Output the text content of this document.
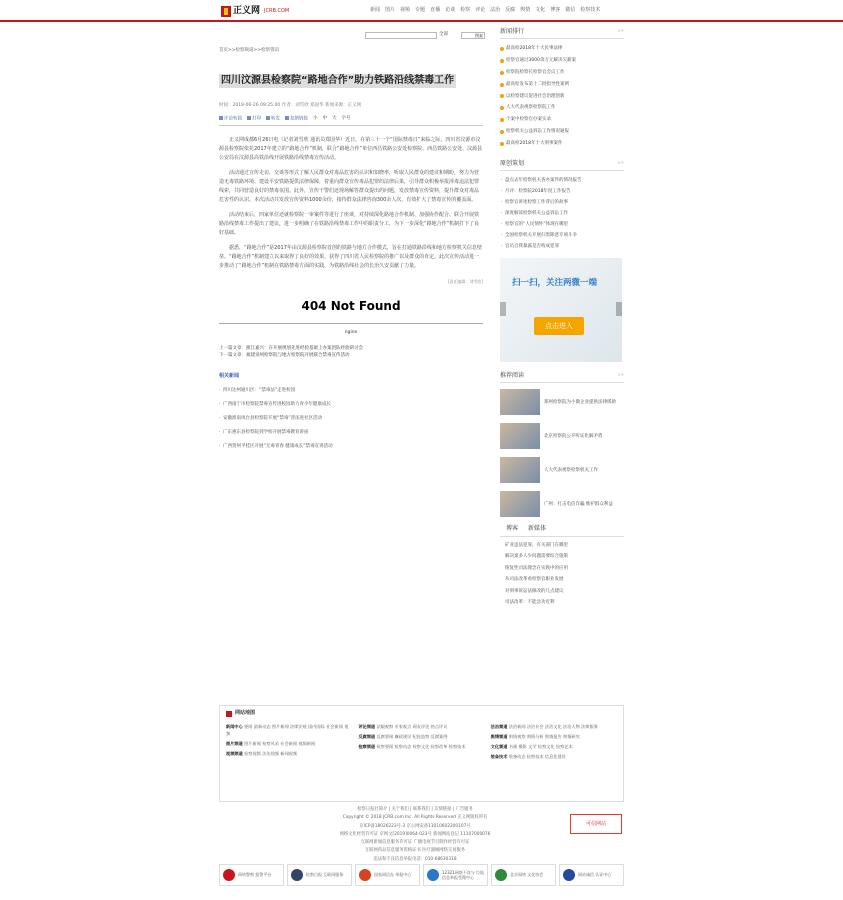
正义网 JCRB.COM	新闻 图片 视频 专题 直播 访谈 检察 评论 法治 反腐 舆情 文化 博客 微信 检察技术
全部	搜索
首页>>检察频道>>检察资讯
四川汶源县检察院“路地合作”助力铁路沿线禁毒工作
时间：2018-06-26 09:25:00 作者：刘雪欣 郑国华 新闻来源：正义网
评论转载	打印	转发	复制链接 小 中 大 字号

正义网成都6月26日电（记者刘雪欣 通讯员郑国华）近日，在第三十一个“国际禁毒日”来临之际，四川省汶源市汶源县检察院依托2017年建立的“路地合作”机制，联合“路地合作”单位西昌铁路公安处检察院、西昌铁路公安处、汶源县公安局在汶源县高铁沿线开展铁路沿线禁毒宣传活动。

活动通过宣传走访、交谈等形式了解人民群众对毒品危害的认识和知晓率，听取人民群众的建议和期盼，努力为营造无毒铁路环境、建设平安铁路提供法律保障，着重向群众宣传毒品犯罪的法律后果，引导群众积极举报涉毒违法犯罪线索，共同营造良好的禁毒氛围。此外，宣传干警们还现场解答群众提出的问题，发放禁毒宣传资料，提升群众对毒品危害性的认识。本次活动共发放宣传资料1000余份，接待群众法律咨询300余人次，有效扩大了禁毒宣传的覆盖面。

活动结束后，四家单位还就检察院一审案件等进行了座谈，对持续深化路地合作机制、加强协作配合、联合开展铁路沿线禁毒工作提出了建议，进一步明确了在铁路沿线禁毒工作中的职责分工，为下一步深化“路地合作”机制打下了良好基础。

据悉，“路地合作”是2017年由汶源县检察院首创的铁路与地方合作模式，旨在打通铁路沿线和地方检察机关信息壁垒。“路地合作”机制建立以来取得了良好的效果，获得了四川省人民检察院的推广以及群众的肯定。此次宣传活动进一步推动了“路地合作”机制在铁路禁毒方面的实践，为铁路沿线社会的长治久安贡献了力量。

[责任编辑：刘雪欣]
404 Not Found
nginx
上一篇文章：浙江嘉兴：在开展规划先进经验基础上办案团队经验研讨会
下一篇文章：福建泉州检察院与地方检察院开展联合禁毒宣传活动
相关新闻
· 四川达州通川区：“禁毒法”走进校园
· 广西南宁市检察院禁毒宣传进校园助力青少年健康成长
· 安徽淮南凤台县检察院开展“禁毒”普法进社区活动
· 广东惠东县检察院到学校开展禁毒教育讲座
· 广西贺州平桂区开展“无毒青春 健康成长”禁毒宣讲活动
新闻排行	>>
最高检2018年十大民事法律
检察官通过3000余万元解决欠薪案
检察院检察长检察官会议工作
最高检发布第十二批指导性案例
以检察建议促进社会治理创新
人大代表视察检察院工作
个案中检察官办案实录
检察机关公益诉讼工作情况通报
最高检2018年十大刑事案件
原创策划	>>
· 盘点去年检察机关查办案件的情况报告
· 月评：检察院2018年度工作报告
· 检察官讲述检察工作背后的故事
· 深度解读检察机关公益诉讼工作
· 检察官的“人民情怀”体现在哪里
· 全国检察机关开展扫黑除恶专项斗争
· 官员自我暴露是否构成犯罪
扫一扫，关注两微一端
点击进入
推荐阅读	>>
郑州检察院为小微企业提供法律援助
北京检察院公开听证化解矛盾
人大代表视察检察机关工作
广州：打击电信诈骗 维护群众利益
博客 新媒体
矿业违法犯罪，有关部门在哪里
解决案多人少问题需要综合施策
恢复性司法理念在实践中的应用
从司法改革看检察官职业发展
对刑事诉讼法修改的几点建议
司法改革：不能急功近利
网站地图
新闻中心 要闻 最新动态 图片新闻 法律法规 国内国际 社会新闻 视频
图片频道 图片新闻 检察风采 社会新闻 视频新闻
视频频道 检察视频 法治视频 新闻视频
评论频道 法眼观察 专家观点 网友评论 热点评议
反腐频道 反腐要闻 廉政建设 纪检监察 反腐案例
检察频道 检察要闻 检察动态 检察文化 检察改革 检察技术
法治频道 法治新闻 法治社会 法治文化 法治人物 法律服务
舆情频道 舆情观察 舆情分析 舆情报告 舆情研究
文化频道 书画 摄影 文学 检察文化 检察艺术
装备技术 装备动态 检察技术 信息化建设
检察日报社简介 | 关于我们 | 联系我们 | 友情链接 | 广告服务
Copyright © 2018 JCRB.com Inc. All Rights Reserved 正义网版权所有
京ICP备18026223号-3 京公网安备11010602200107号
网络文化经营许可证 京网文[2019]0064-023号 新闻网站登记 11107000076
互联网新闻信息服务许可证 广播电视节目制作经营许可证
互联网药品信息服务资格证书 医疗器械网络交易服务
违法和不良信息举报电话：010-68630318
可信网站
网络警察 报警平台	检察日报 互联网服务	国家网信办 举报中心
12321网络不良与 垃圾信息举报受理中心
北京网络 文化协会	网站诚信 认证中心
